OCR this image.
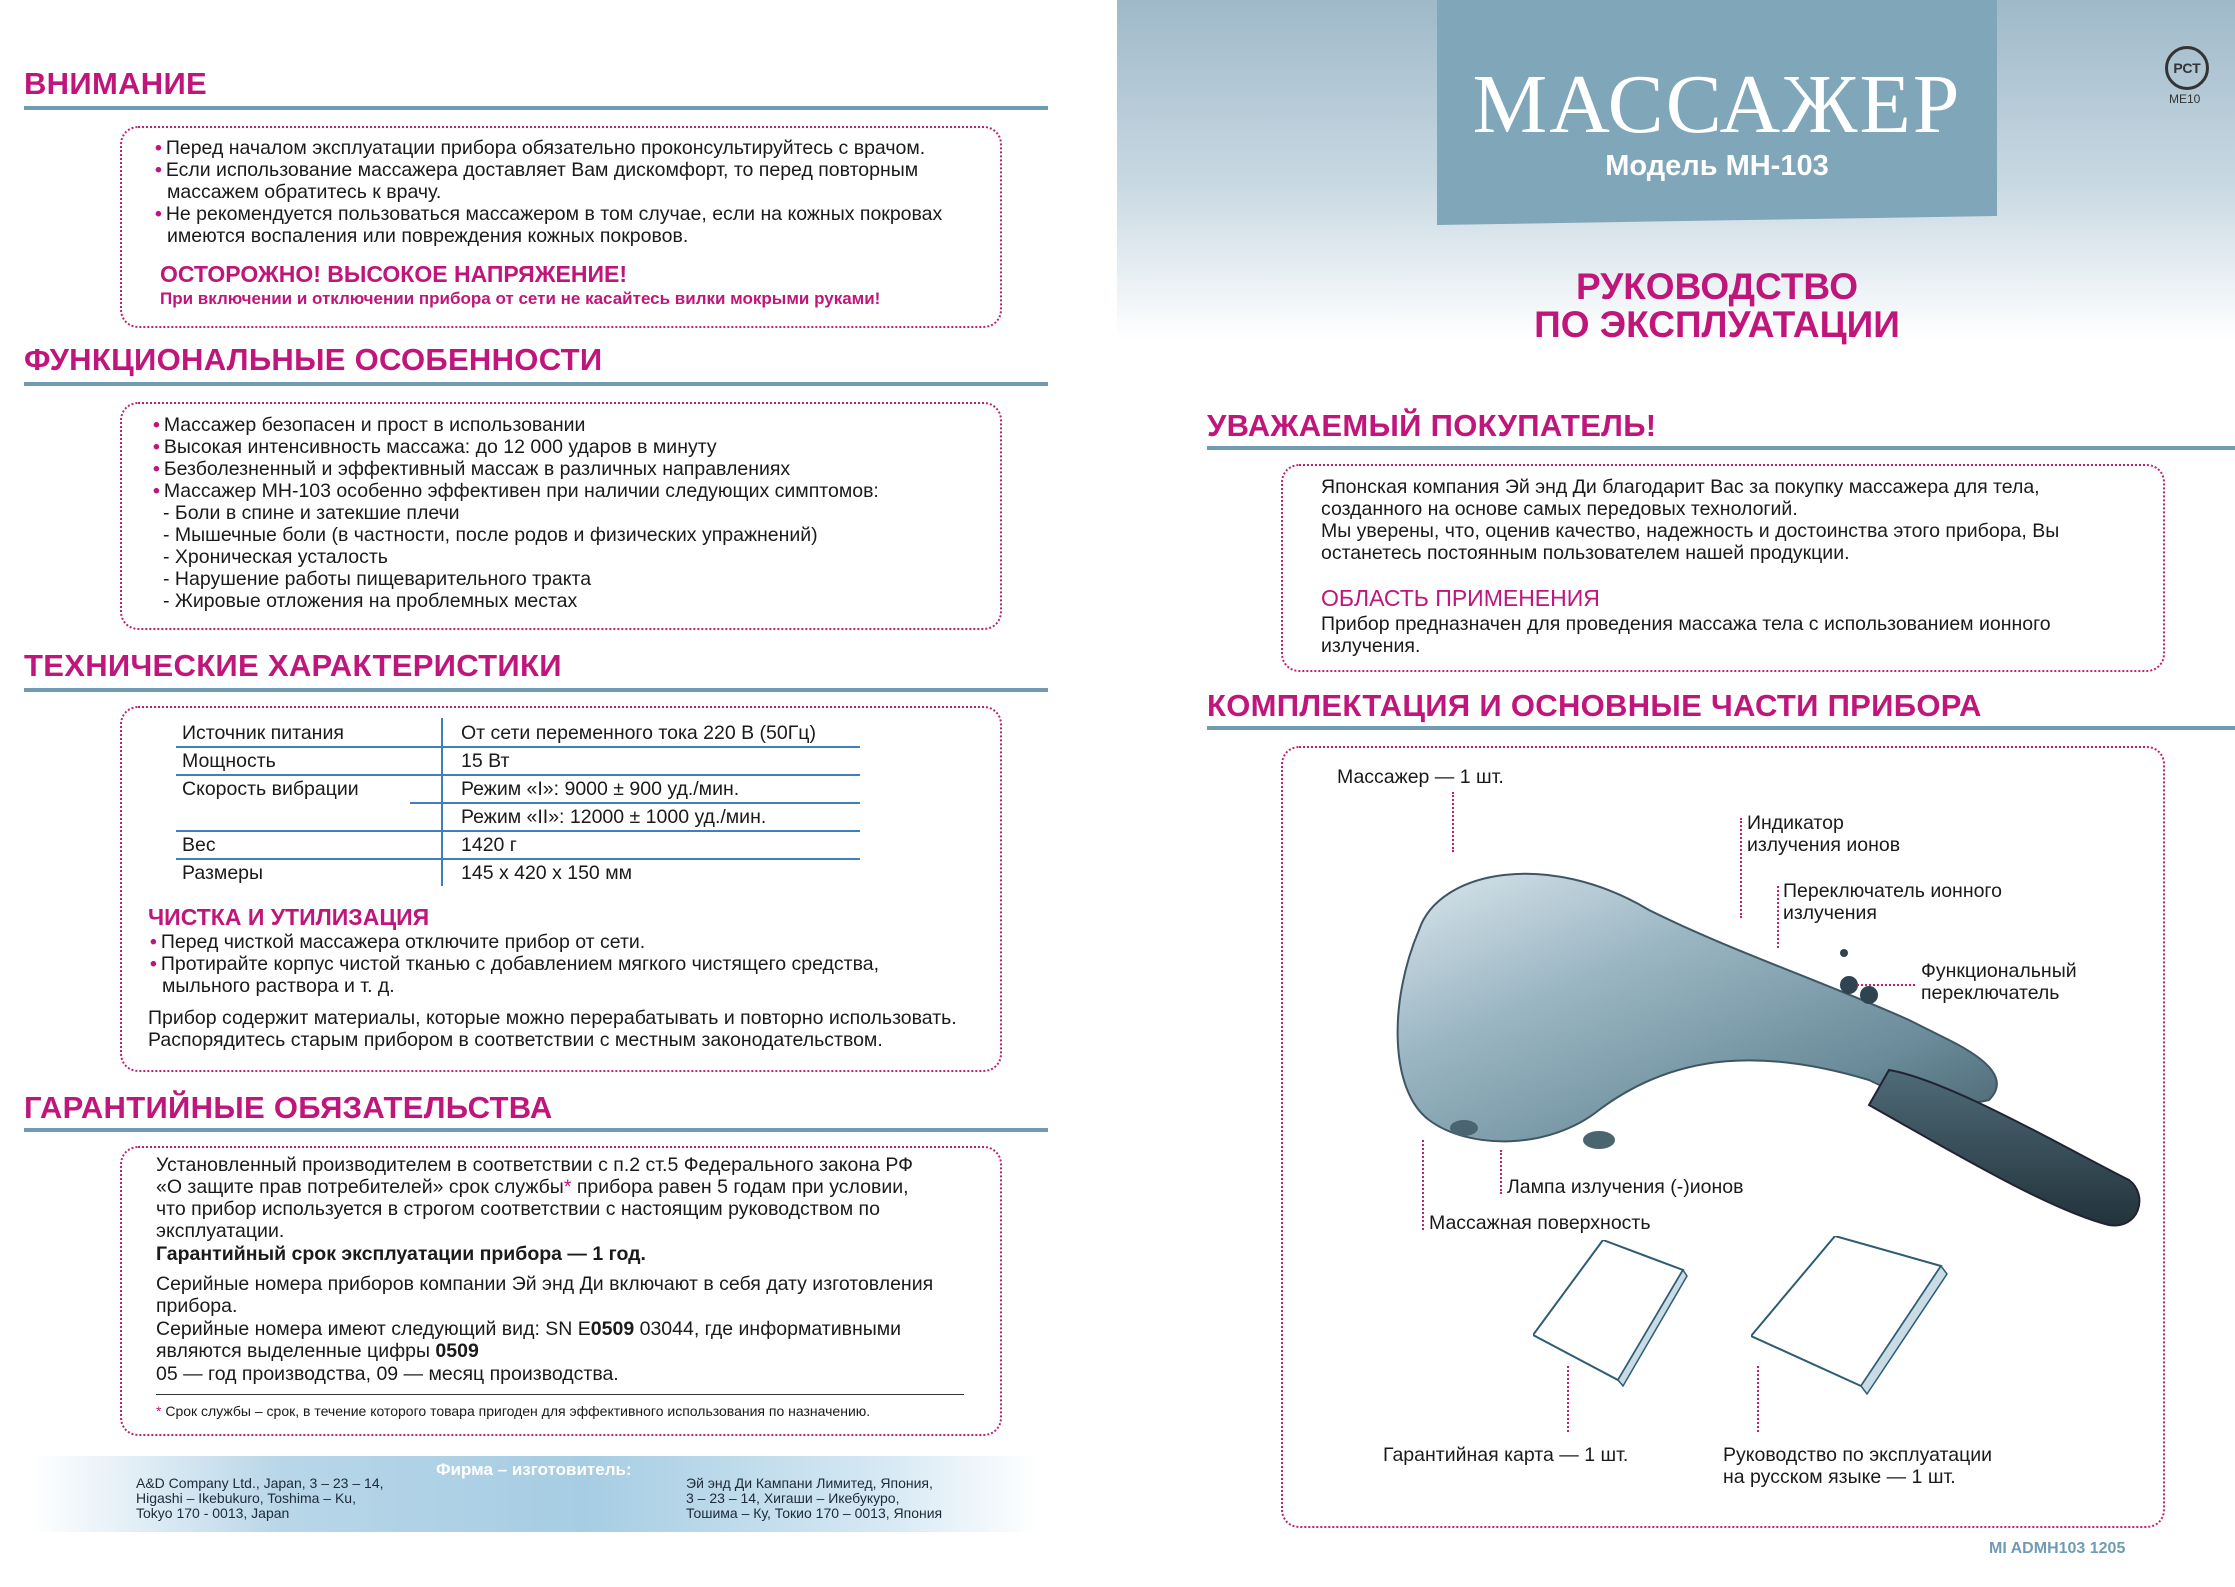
ВНИМАНИЕ
• Перед началом эксплуатации прибора обязательно проконсультируйтесь с врачом.
• Если использование массажера доставляет Вам дискомфорт, то перед повторным
массажем обратитесь к врачу.
• Не рекомендуется пользоваться массажером в том случае, если на кожных покровах
имеются воспаления или повреждения кожных покровов.
ОСТОРОЖНО! ВЫСОКОЕ НАПРЯЖЕНИЕ!
При включении и отключении прибора от сети не касайтесь вилки мокрыми руками!
ФУНКЦИОНАЛЬНЫЕ ОСОБЕННОСТИ
• Массажер безопасен и прост в использовании
• Высокая интенсивность массажа: до 12 000 ударов в минуту
• Безболезненный и эффективный массаж в различных направлениях
• Массажер MH-103 особенно эффективен при наличии следующих симптомов:
- Боли в спине и затекшие плечи
- Мышечные боли (в частности, после родов и физических упражнений)
- Хроническая усталость
- Нарушение работы пищеварительного тракта
- Жировые отложения на проблемных местах
ТЕХНИЧЕСКИЕ ХАРАКТЕРИСТИКИ
Источник питания	От сети переменного тока 220 В (50Гц)
Мощность	15 Вт
Скорость вибрации	Режим «I»: 9000 ± 900 уд./мин.
Режим «II»: 12000 ± 1000 уд./мин.
Вес	1420 г
Размеры	145 x 420 x 150 мм
ЧИСТКА И УТИЛИЗАЦИЯ
• Перед чисткой массажера отключите прибор от сети.
• Протирайте корпус чистой тканью с добавлением мягкого чистящего средства,
мыльного раствора и т. д.
Прибор содержит материалы, которые можно перерабатывать и повторно использовать.
Распорядитесь старым прибором в соответствии с местным законодательством.
ГАРАНТИЙНЫЕ ОБЯЗАТЕЛЬСТВА
Установленный производителем в соответствии с п.2 ст.5 Федерального закона РФ
«О защите прав потребителей» срок службы* прибора равен 5 годам при условии,
что прибор используется в строгом соответствии с настоящим руководством по
эксплуатации.
Гарантийный срок эксплуатации прибора — 1 год.
Серийные номера приборов компании Эй энд Ди включают в себя дату изготовления
прибора.
Серийные номера имеют следующий вид: SN E0509 03044, где информативными
являются выделенные цифры 0509
05 — год производства, 09 — месяц производства.
* Срок службы – срок, в течение которого товара пригоден для эффективного использования по назначению.
Фирма – изготовитель:
A&D Company Ltd., Japan, 3 – 23 – 14,
Higashi – Ikebukuro, Toshima – Ku,
Tokyo 170 - 0013, Japan
Эй энд Ди Кампани Лимитед, Япония,
3 – 23 – 14, Хигаши – Икебукуро,
Тошима – Ку, Токио 170 – 0013, Япония
МАССАЖЕР
Модель MH-103
РСТ
МЕ10
РУКОВОДСТВО
ПО ЭКСПЛУАТАЦИИ
УВАЖАЕМЫЙ ПОКУПАТЕЛЬ!
Японская компания Эй энд Ди благодарит Вас за покупку массажера для тела,
созданного на основе самых передовых технологий.
Мы уверены, что, оценив качество, надежность и достоинства этого прибора, Вы
останетесь постоянным пользователем нашей продукции.
ОБЛАСТЬ ПРИМЕНЕНИЯ
Прибор предназначен для проведения массажа тела с использованием ионного
излучения.
КОМПЛЕКТАЦИЯ И ОСНОВНЫЕ ЧАСТИ ПРИБОРА
Массажер — 1 шт.
Индикатор
излучения ионов
Переключатель ионного
излучения
Функциональный
переключатель
Лампа излучения (-)ионов
Массажная поверхность
Гарантийная карта — 1 шт.	Руководство по эксплуатации
на русском языке — 1 шт.
MI ADMH103 1205
